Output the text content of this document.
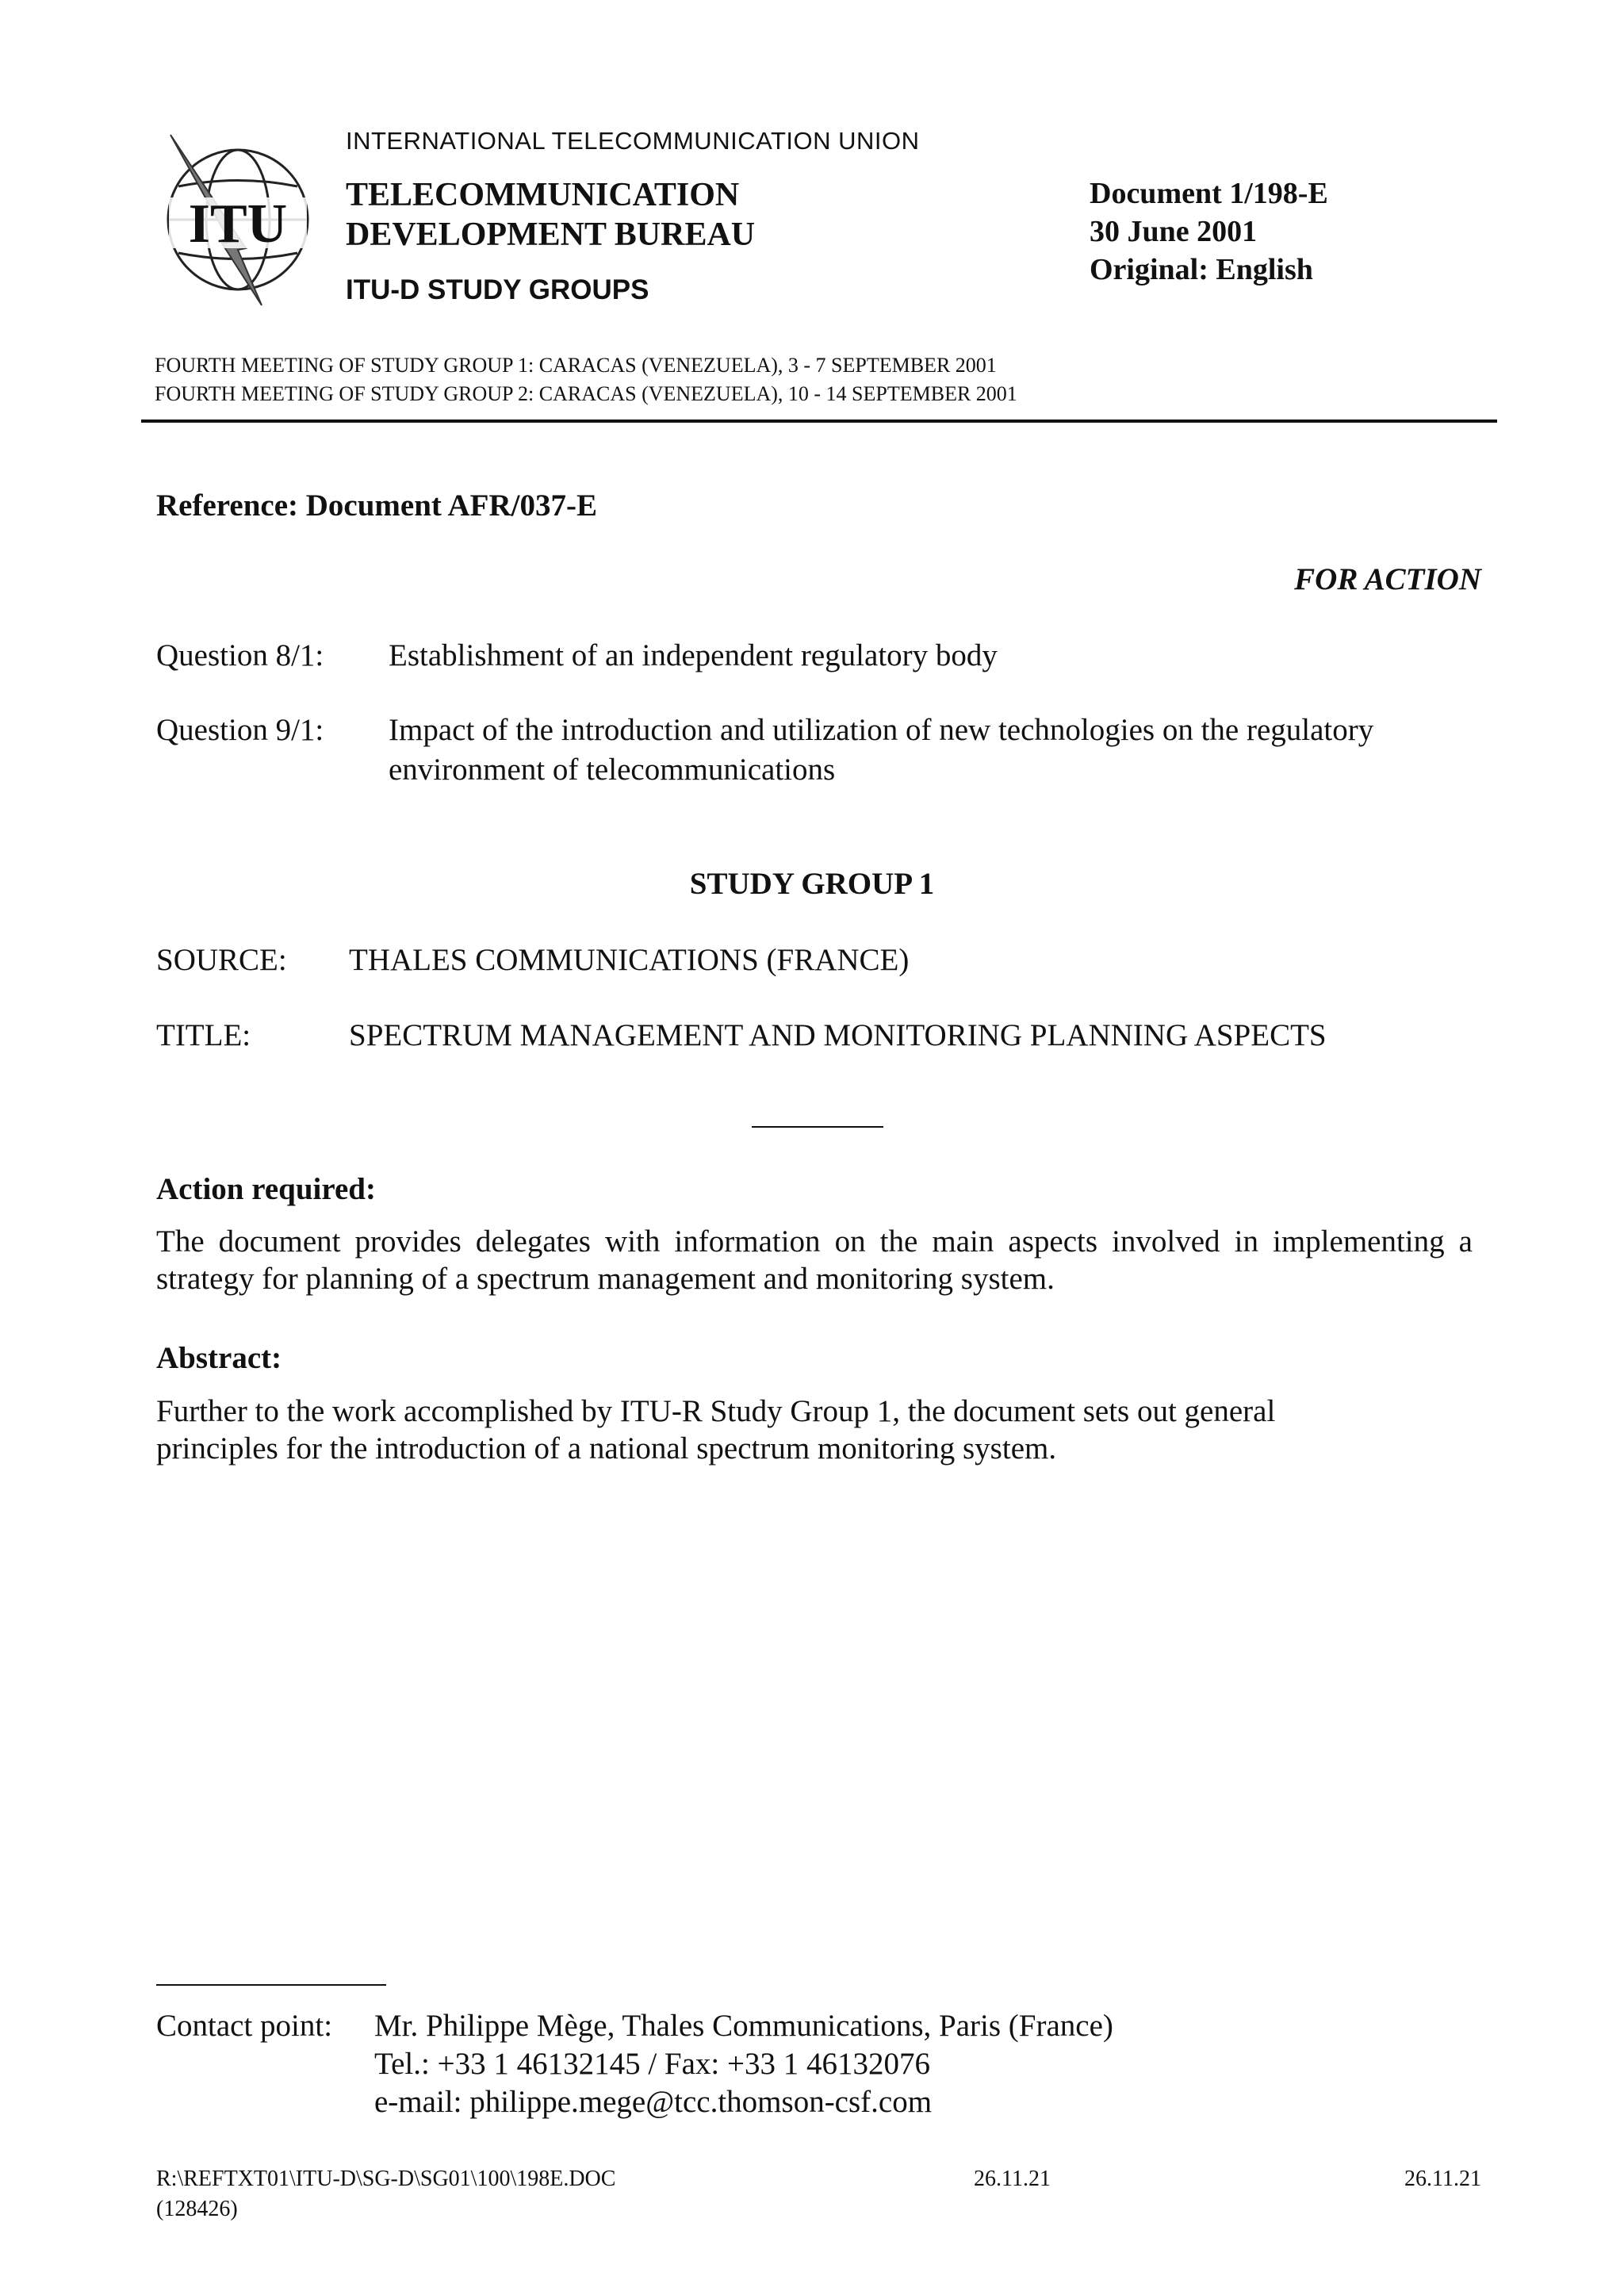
ITU
INTERNATIONAL TELECOMMUNICATION UNION
TELECOMMUNICATION
DEVELOPMENT BUREAU
ITU-D STUDY GROUPS
Document 1/198-E
30 June 2001
Original: English
FOURTH MEETING OF STUDY GROUP 1: CARACAS (VENEZUELA), 3 - 7 SEPTEMBER 2001
FOURTH MEETING OF STUDY GROUP 2: CARACAS (VENEZUELA), 10 - 14 SEPTEMBER 2001
Reference: Document AFR/037-E
FOR ACTION
Question 8/1: Establishment of an independent regulatory body
Question 9/1: Impact of the introduction and utilization of new technologies on the regulatory
environment of telecommunications
STUDY GROUP 1
SOURCE: THALES COMMUNICATIONS (FRANCE)
TITLE:	SPECTRUM MANAGEMENT AND MONITORING PLANNING ASPECTS
Action required:
The document provides delegates with information on the main aspects involved in implementing a strategy for planning of a spectrum management and monitoring system.
Abstract:
Further to the work accomplished by ITU-R Study Group 1, the document sets out general
principles for the introduction of a national spectrum monitoring system.
Contact point: Mr. Philippe Mège, Thales Communications, Paris (France)
Tel.: +33 1 46132145 / Fax: +33 1 46132076
e-mail: philippe.mege@tcc.thomson-csf.com
R:\REFTXT01\ITU-D\SG-D\SG01\100\198E.DOC
(128426)
26.11.21	26.11.21
